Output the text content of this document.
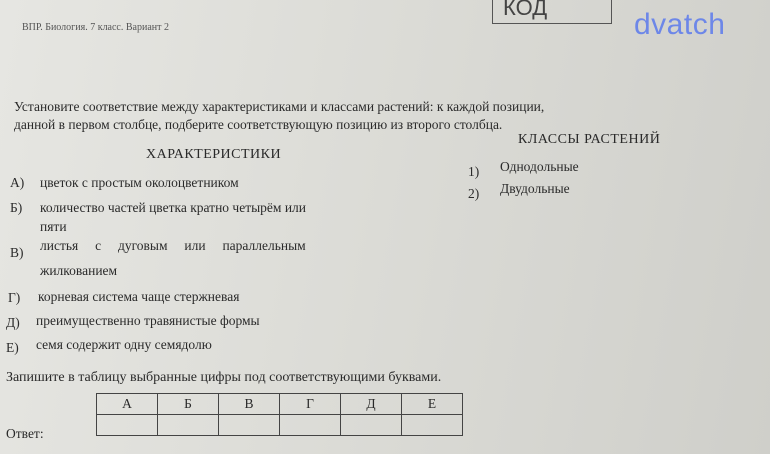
ВПР. Биология. 7 класс. Вариант 2
КОД
dvatch
Установите соответствие между характеристиками и классами растений: к каждой позиции,
данной в первом столбце, подберите соответствующую позицию из второго столбца.
ХАРАКТЕРИСТИКИ
КЛАССЫ РАСТЕНИЙ
А) цветок с простым околоцветником
Б) количество частей цветка кратно четырём или
пяти
В) листья     с     дуговым     или     параллельным
жилкованием
Г) корневая система чаще стержневая
Д) преимущественно травянистые формы
Е) семя содержит одну семядолю
1) Однодольные
2) Двудольные
Запишите в таблицу выбранные цифры под соответствующими буквами.
Ответ:
А	Б	В	Г	Д	Е
